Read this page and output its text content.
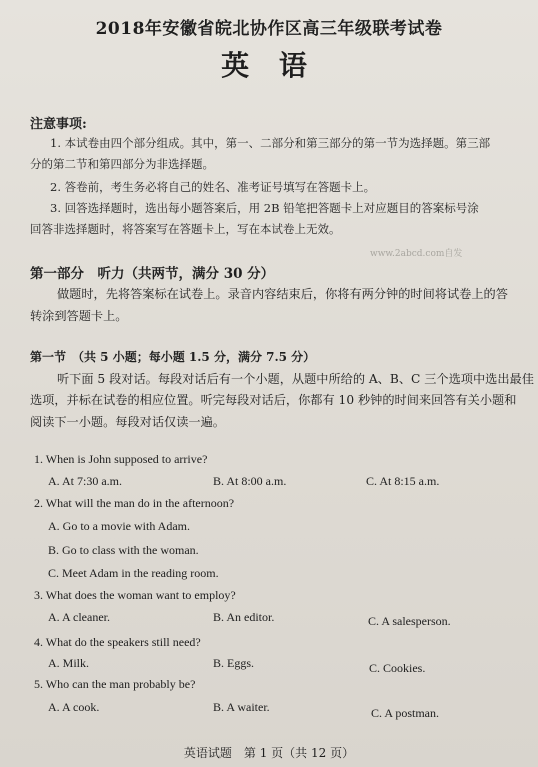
2018年安徽省皖北协作区高三年级联考试卷
英 语
注意事项:
1. 本试卷由四个部分组成。其中，第一、二部分和第三部分的第一节为选择题。第三部
分的第二节和第四部分为非选择题。
2. 答卷前，考生务必将自己的姓名、准考证号填写在答题卡上。
3. 回答选择题时，选出每小题答案后，用 2B 铅笔把答题卡上对应题目的答案标号涂
回答非选择题时，将答案写在答题卡上，写在本试卷上无效。
www.2abcd.com自发
第一部分　听力（共两节，满分 30 分）
做题时，先将答案标在试卷上。录音内容结束后，你将有两分钟的时间将试卷上的答
转涂到答题卡上。
第一节　（共 5 小题；每小题 1.5 分，满分 7.5 分）
听下面 5 段对话。每段对话后有一个小题，从题中所给的 A、B、C 三个选项中选出最佳
选项，并标在试卷的相应位置。听完每段对话后，你都有 10 秒钟的时间来回答有关小题和
阅读下一小题。每段对话仅读一遍。
1. When is John supposed to arrive?
A. At 7:30 a.m.	B. At 8:00 a.m.	C. At 8:15 a.m.
2. What will the man do in the afternoon?
A. Go to a movie with Adam.
B. Go to class with the woman.
C. Meet Adam in the reading room.
3. What does the woman want to employ?
A. A cleaner.	B. An editor.	C. A salesperson.
4. What do the speakers still need?
A. Milk.	B. Eggs.	C. Cookies.
5. Who can the man probably be?
A. A cook.	B. A waiter.	C. A postman.
英语试题　第 1 页（共 12 页）
